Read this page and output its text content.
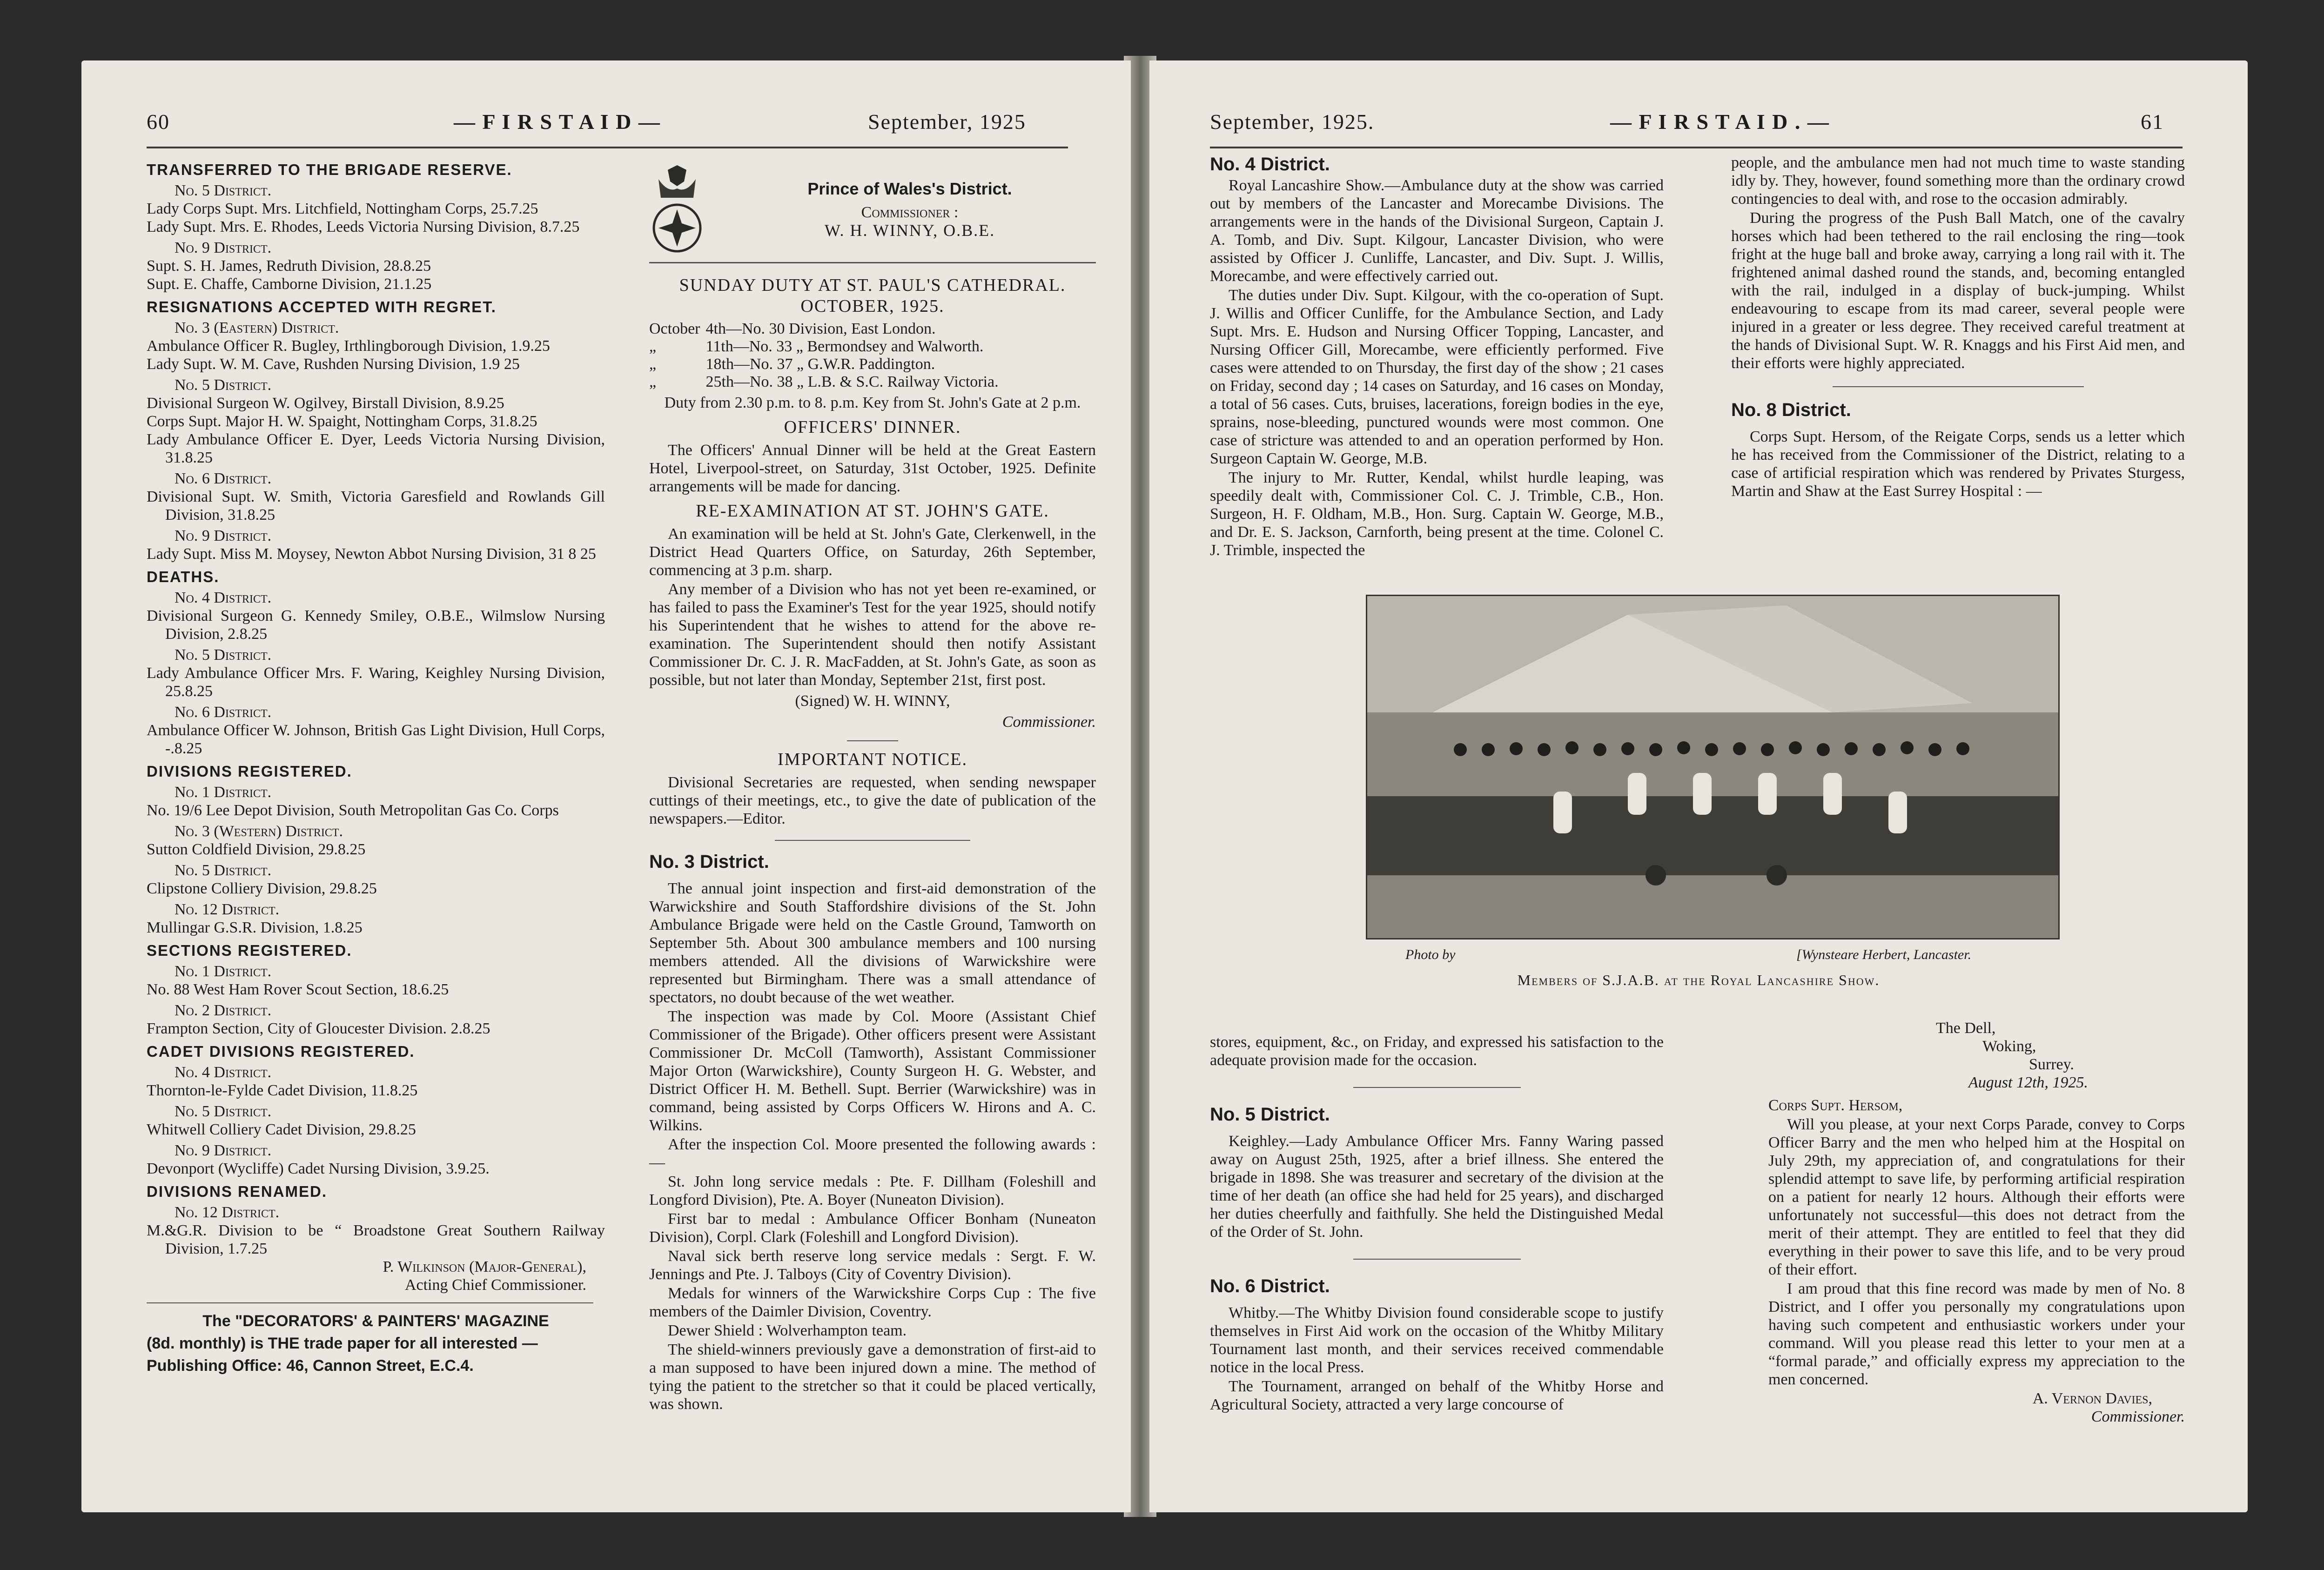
60	— F I R S T A I D —	September, 1925
TRANSFERRED TO THE BRIGADE RESERVE.

No. 5 District.

Lady Corps Supt. Mrs. Litchfield, Nottingham Corps, 25.7.25

Lady Supt. Mrs. E. Rhodes, Leeds Victoria Nursing Division, 8.7.25

No. 9 District.

Supt. S. H. James, Redruth Division, 28.8.25

Supt. E. Chaffe, Camborne Division, 21.1.25

RESIGNATIONS ACCEPTED WITH REGRET.

No. 3 (Eastern) District.

Ambulance Officer R. Bugley, Irthlingborough Division, 1.9.25

Lady Supt. W. M. Cave, Rushden Nursing Division, 1.9 25

No. 5 District.

Divisional Surgeon W. Ogilvey, Birstall Division, 8.9.25

Corps Supt. Major H. W. Spaight, Nottingham Corps, 31.8.25

Lady Ambulance Officer E. Dyer, Leeds Victoria Nursing Division, 31.8.25

No. 6 District.

Divisional Supt. W. Smith, Victoria Garesfield and Rowlands Gill Division, 31.8.25

No. 9 District.

Lady Supt. Miss M. Moysey, Newton Abbot Nursing Division, 31 8 25

DEATHS.

No. 4 District.

Divisional Surgeon G. Kennedy Smiley, O.B.E., Wilmslow Nursing Division, 2.8.25

No. 5 District.

Lady Ambulance Officer Mrs. F. Waring, Keighley Nursing Division, 25.8.25

No. 6 District.

Ambulance Officer W. Johnson, British Gas Light Division, Hull Corps, -.8.25

DIVISIONS REGISTERED.

No. 1 District.

No. 19/6 Lee Depot Division, South Metropolitan Gas Co. Corps

No. 3 (Western) District.

Sutton Coldfield Division, 29.8.25

No. 5 District.

Clipstone Colliery Division, 29.8.25

No. 12 District.

Mullingar G.S.R. Division, 1.8.25

SECTIONS REGISTERED.

No. 1 District.

No. 88 West Ham Rover Scout Section, 18.6.25

No. 2 District.

Frampton Section, City of Gloucester Division. 2.8.25

CADET DIVISIONS REGISTERED.

No. 4 District.

Thornton-le-Fylde Cadet Division, 11.8.25

No. 5 District.

Whitwell Colliery Cadet Division, 29.8.25

No. 9 District.

Devonport (Wycliffe) Cadet Nursing Division, 3.9.25.

DIVISIONS RENAMED.

No. 12 District.

M.&G.R. Division to be “ Broadstone Great Southern Railway Division, 1.7.25

P. Wilkinson (Major-General),

Acting Chief Commissioner.

The "DECORATORS' & PAINTERS' MAGAZINE
(8d. monthly) is THE trade paper for all interested —
Publishing Office: 46, Cannon Street, E.C.4.
Prince of Wales's District.
Commissioner :
W. H. WINNY, O.B.E.
SUNDAY DUTY AT ST. PAUL'S CATHEDRAL.
OCTOBER, 1925.
October	4th—No. 30 Division, East London.
„	11th—No. 33 „ Bermondsey and Walworth.
„	18th—No. 37 „ G.W.R. Paddington.
„	25th—No. 38 „ L.B. & S.C. Railway Victoria.

Duty from 2.30 p.m. to 8. p.m. Key from St. John's Gate at 2 p.m.

OFFICERS' DINNER.

The Officers' Annual Dinner will be held at the Great Eastern Hotel, Liverpool-street, on Saturday, 31st October, 1925. Definite arrangements will be made for dancing.

RE-EXAMINATION AT ST. JOHN'S GATE.

An examination will be held at St. John's Gate, Clerkenwell, in the District Head Quarters Office, on Saturday, 26th September, commencing at 3 p.m. sharp.

Any member of a Division who has not yet been re-examined, or has failed to pass the Examiner's Test for the year 1925, should notify his Superintendent that he wishes to attend for the above re-examination. The Superintendent should then notify Assistant Commissioner Dr. C. J. R. MacFadden, at St. John's Gate, as soon as possible, but not later than Monday, September 21st, first post.

(Signed) W. H. WINNY,

Commissioner.

IMPORTANT NOTICE.

Divisional Secretaries are requested, when sending newspaper cuttings of their meetings, etc., to give the date of publication of the newspapers.—Editor.

No. 3 District.

The annual joint inspection and first-aid demonstration of the Warwickshire and South Staffordshire divisions of the St. John Ambulance Brigade were held on the Castle Ground, Tamworth on September 5th. About 300 ambulance members and 100 nursing members attended. All the divisions of Warwickshire were represented but Birmingham. There was a small attendance of spectators, no doubt because of the wet weather.

The inspection was made by Col. Moore (Assistant Chief Commissioner of the Brigade). Other officers present were Assistant Commissioner Dr. McColl (Tamworth), Assistant Commissioner Major Orton (Warwickshire), County Surgeon H. G. Webster, and District Officer H. M. Bethell. Supt. Berrier (Warwickshire) was in command, being assisted by Corps Officers W. Hirons and A. C. Wilkins.

After the inspection Col. Moore presented the following awards :—

St. John long service medals : Pte. F. Dillham (Foleshill and Longford Division), Pte. A. Boyer (Nuneaton Division).

First bar to medal : Ambulance Officer Bonham (Nuneaton Division), Corpl. Clark (Foleshill and Longford Division).

Naval sick berth reserve long service medals : Sergt. F. W. Jennings and Pte. J. Talboys (City of Coventry Division).

Medals for winners of the Warwickshire Corps Cup : The five members of the Daimler Division, Coventry.

Dewer Shield : Wolverhampton team.

The shield-winners previously gave a demonstration of first-aid to a man supposed to have been injured down a mine. The method of tying the patient to the stretcher so that it could be placed vertically, was shown.

September, 1925.	— F I R S T A I D . —	61
No. 4 District.

Royal Lancashire Show.—Ambulance duty at the show was carried out by members of the Lancaster and Morecambe Divisions. The arrangements were in the hands of the Divisional Surgeon, Captain J. A. Tomb, and Div. Supt. Kilgour, Lancaster Division, who were assisted by Officer J. Cunliffe, Lancaster, and Div. Supt. J. Willis, Morecambe, and were effectively carried out.

The duties under Div. Supt. Kilgour, with the co-operation of Supt. J. Willis and Officer Cunliffe, for the Ambulance Section, and Lady Supt. Mrs. E. Hudson and Nursing Officer Topping, Lancaster, and Nursing Officer Gill, Morecambe, were efficiently performed. Five cases were attended to on Thursday, the first day of the show ; 21 cases on Friday, second day ; 14 cases on Saturday, and 16 cases on Monday, a total of 56 cases. Cuts, bruises, lacerations, foreign bodies in the eye, sprains, nose-bleeding, punctured wounds were most common. One case of stricture was attended to and an operation performed by Hon. Surgeon Captain W. George, M.B.

The injury to Mr. Rutter, Kendal, whilst hurdle leaping, was speedily dealt with, Commissioner Col. C. J. Trimble, C.B., Hon. Surgeon, H. F. Oldham, M.B., Hon. Surg. Captain W. George, M.B., and Dr. E. S. Jackson, Carnforth, being present at the time. Colonel C. J. Trimble, inspected the

people, and the ambulance men had not much time to waste standing idly by. They, however, found something more than the ordinary crowd contingencies to deal with, and rose to the occasion admirably.

During the progress of the Push Ball Match, one of the cavalry horses which had been tethered to the rail enclosing the ring—took fright at the huge ball and broke away, carrying a long rail with it. The frightened animal dashed round the stands, and, becoming entangled with the rail, indulged in a display of buck-jumping. Whilst endeavouring to escape from its mad career, several people were injured in a greater or less degree. They received careful treatment at the hands of Divisional Supt. W. R. Knaggs and his First Aid men, and their efforts were highly appreciated.

No. 8 District.

Corps Supt. Hersom, of the Reigate Corps, sends us a letter which he has received from the Commissioner of the District, relating to a case of artificial respiration which was rendered by Privates Sturgess, Martin and Shaw at the East Surrey Hospital : —

Photo by	[Wynsteare Herbert, Lancaster.
Members of S.J.A.B. at the Royal Lancashire Show.

stores, equipment, &c., on Friday, and expressed his satisfaction to the adequate provision made for the occasion.

No. 5 District.

Keighley.—Lady Ambulance Officer Mrs. Fanny Waring passed away on August 25th, 1925, after a brief illness. She entered the brigade in 1898. She was treasurer and secretary of the division at the time of her death (an office she had held for 25 years), and discharged her duties cheerfully and faithfully. She held the Distinguished Medal of the Order of St. John.

No. 6 District.

Whitby.—The Whitby Division found considerable scope to justify themselves in First Aid work on the occasion of the Whitby Military Tournament last month, and their services received commendable notice in the local Press.

The Tournament, arranged on behalf of the Whitby Horse and Agricultural Society, attracted a very large concourse of

The Dell,

Woking,

Surrey.

August 12th, 1925.

Corps Supt. Hersom,

Will you please, at your next Corps Parade, convey to Corps Officer Barry and the men who helped him at the Hospital on July 29th, my appreciation of, and congratulations for their splendid attempt to save life, by performing artificial respiration on a patient for nearly 12 hours. Although their efforts were unfortunately not successful—this does not detract from the merit of their attempt. They are entitled to feel that they did everything in their power to save this life, and to be very proud of their effort.

I am proud that this fine record was made by men of No. 8 District, and I offer you personally my congratulations upon having such competent and enthusiastic workers under your command. Will you please read this letter to your men at a “formal parade,” and officially express my appreciation to the men concerned.

A. Vernon Davies,

Commissioner.
